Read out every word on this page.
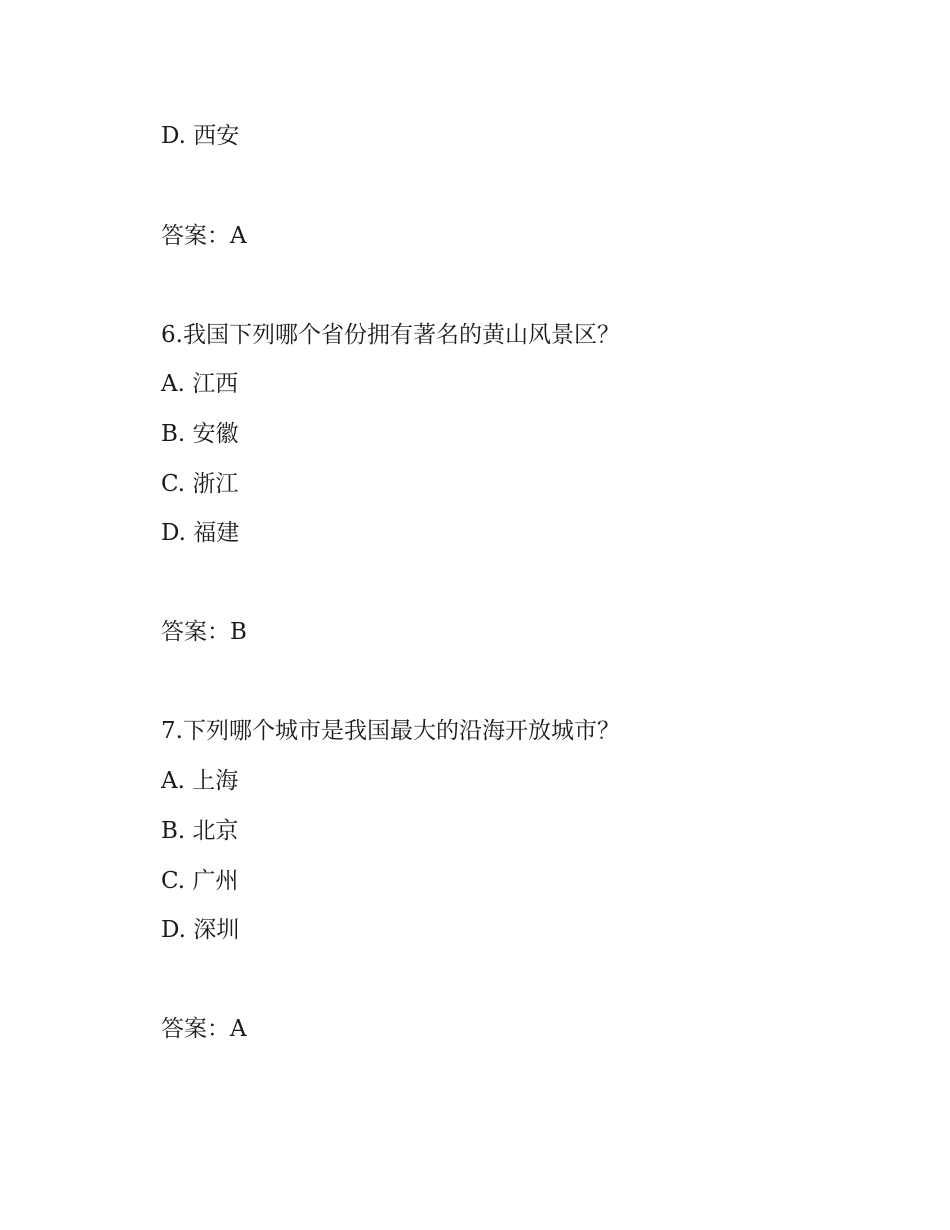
D. 西安
答案：A
6.我国下列哪个省份拥有著名的黄山风景区？
A. 江西
B. 安徽
C. 浙江
D. 福建
答案：B
7.下列哪个城市是我国最大的沿海开放城市？
A. 上海
B. 北京
C. 广州
D. 深圳
答案：A
